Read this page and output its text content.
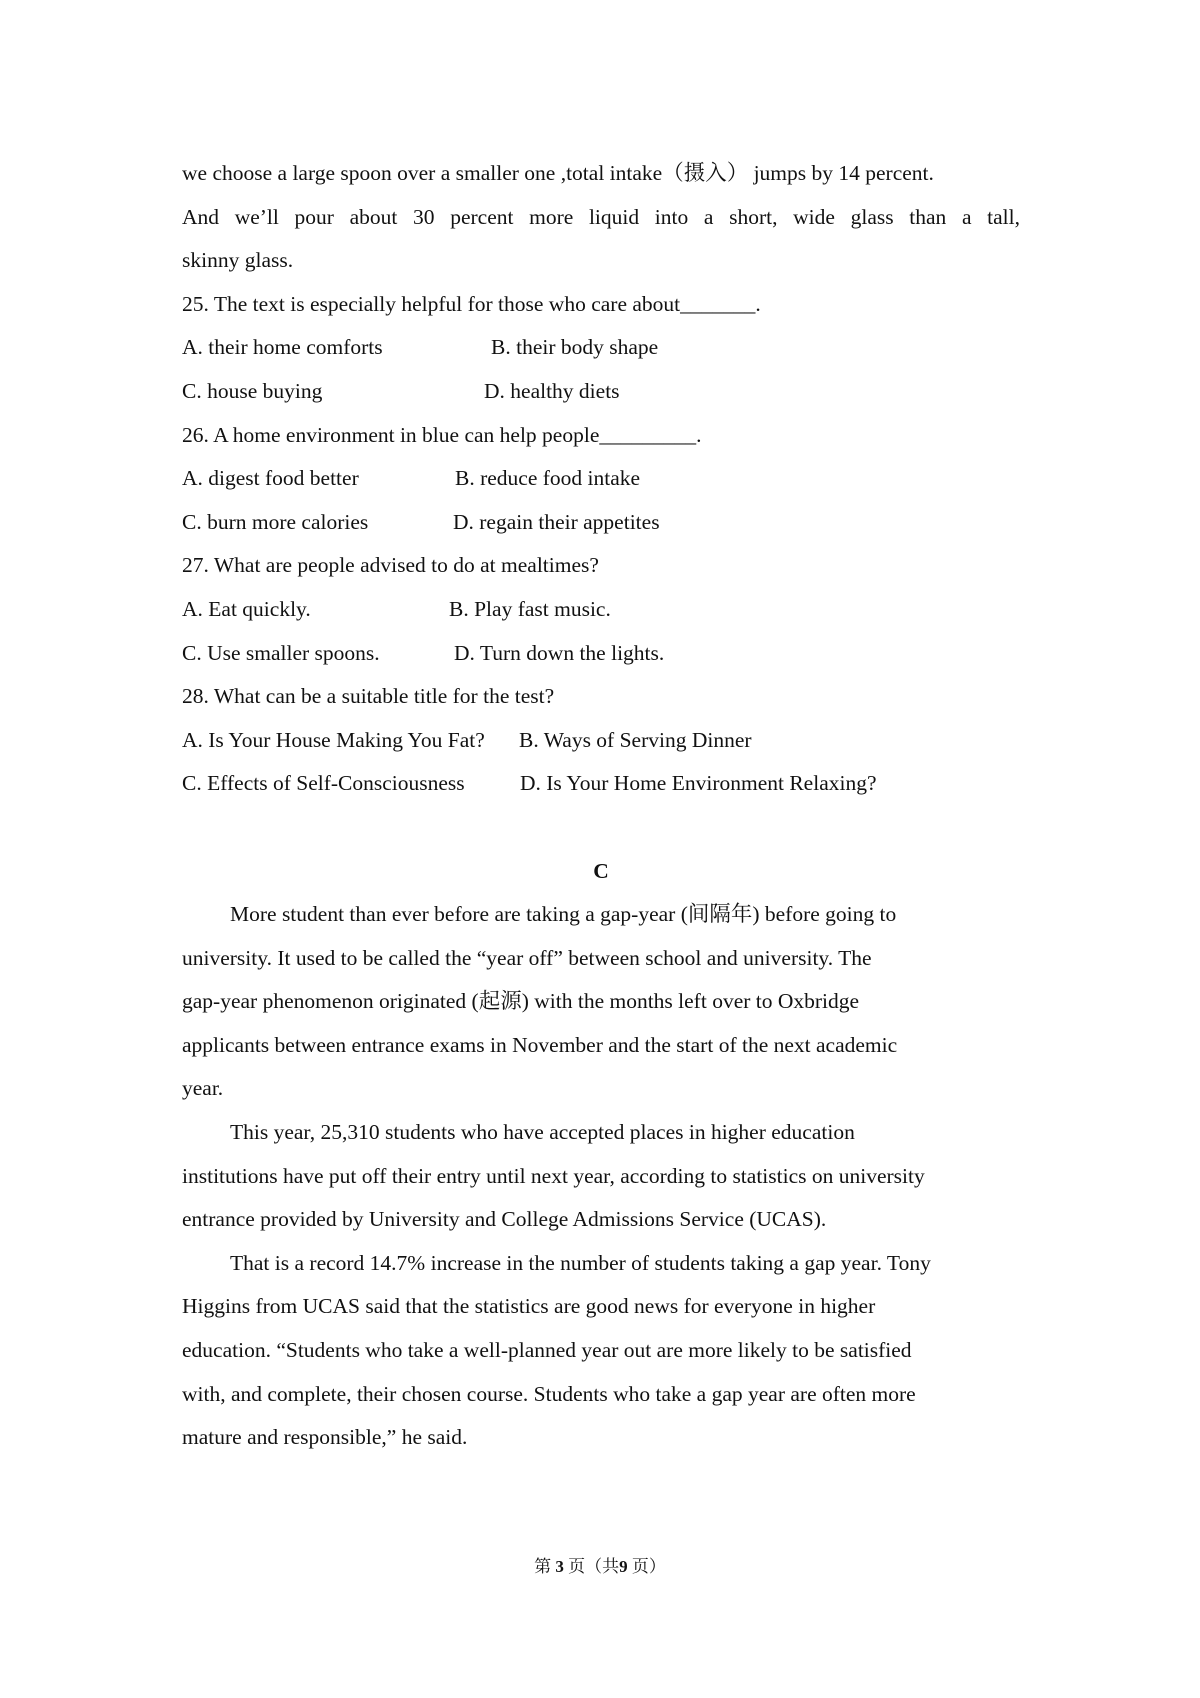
we choose a large spoon over a smaller one ,total intake（摄入） jumps by 14 percent.
And we’ll pour about 30 percent more liquid into a short, wide glass than a tall,
skinny glass.
25. The text is especially helpful for those who care about_______.
A. their home comforts	B. their body shape
C. house buying	D. healthy diets
26. A home environment in blue can help people_________.
A. digest food better	B. reduce food intake
C. burn more calories	D. regain their appetites
27. What are people advised to do at mealtimes?
A. Eat quickly.	B. Play fast music.
C. Use smaller spoons.	D. Turn down the lights.
28. What can be a suitable title for the test?
A. Is Your House Making You Fat? B. Ways of Serving Dinner
C. Effects of Self-Consciousness	D. Is Your Home Environment Relaxing?
C
More student than ever before are taking a gap-year (间隔年) before going to
university. It used to be called the “year off” between school and university. The
gap-year phenomenon originated (起源) with the months left over to Oxbridge
applicants between entrance exams in November and the start of the next academic
year.
This year, 25,310 students who have accepted places in higher education
institutions have put off their entry until next year, according to statistics on university
entrance provided by University and College Admissions Service (UCAS).
That is a record 14.7% increase in the number of students taking a gap year. Tony
Higgins from UCAS said that the statistics are good news for everyone in higher
education. “Students who take a well-planned year out are more likely to be satisfied
with, and complete, their chosen course. Students who take a gap year are often more
mature and responsible,” he said.
第 3 页（共9 页）
